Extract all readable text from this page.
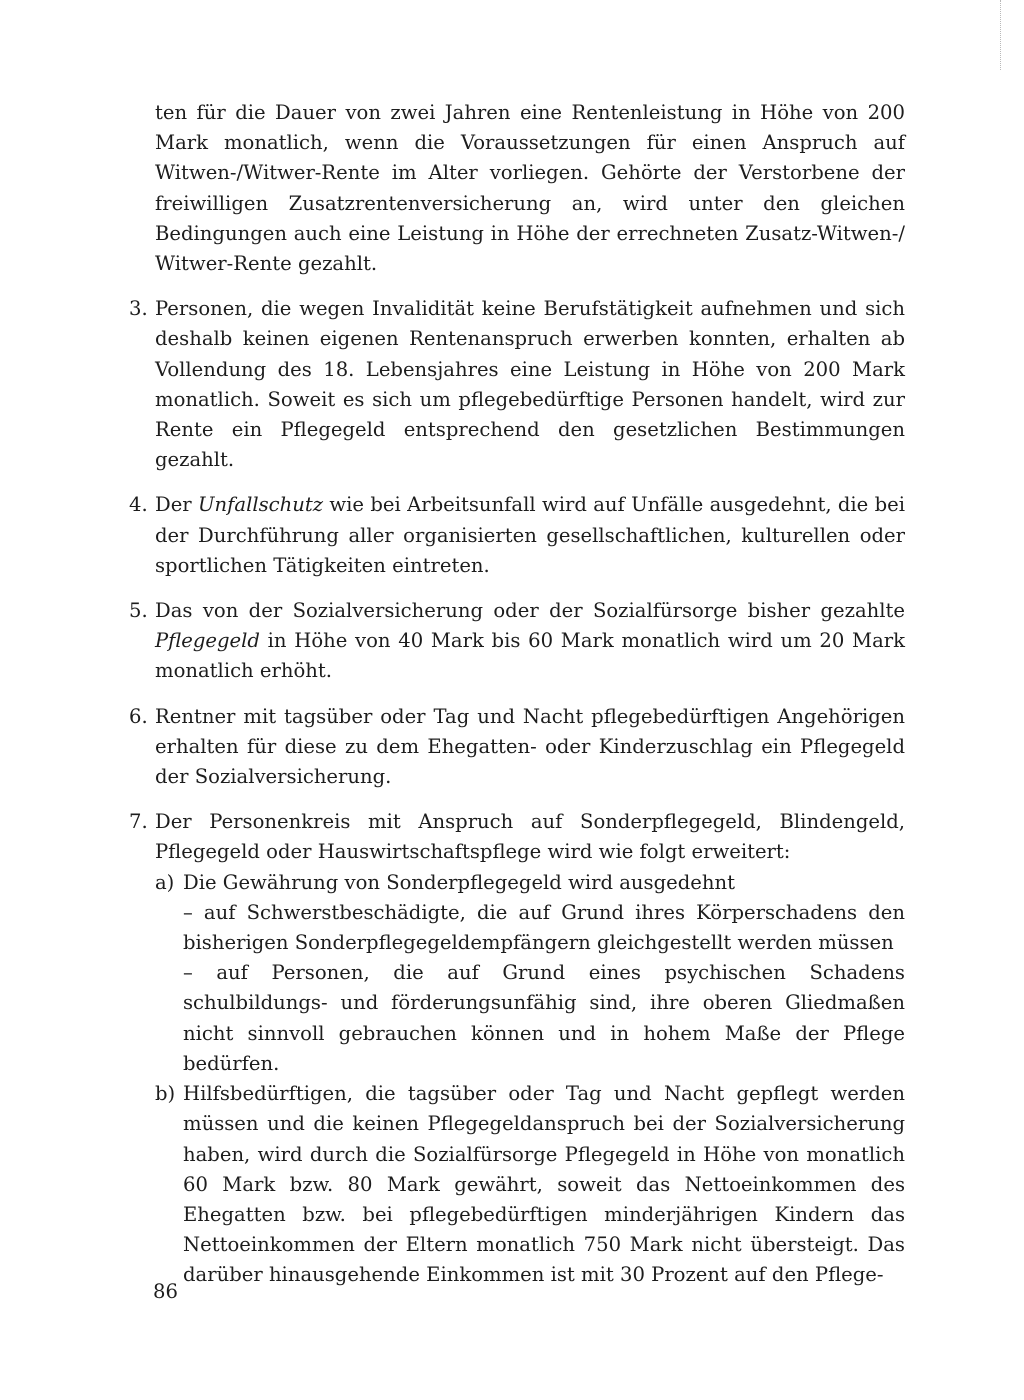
ten für die Dauer von zwei Jahren eine Rentenleistung in Höhe von 200 Mark monatlich, wenn die Voraussetzungen für einen Anspruch auf Witwen-/Witwer-Rente im Alter vorliegen. Gehörte der Verstorbene der freiwilligen Zusatzrentenversicherung an, wird unter den gleichen Bedingungen auch eine Leistung in Höhe der errechneten Zusatz-Witwen-/ Witwer-Rente gezahlt.

3. Personen, die wegen Invalidität keine Berufstätigkeit aufnehmen und sich deshalb keinen eigenen Rentenanspruch erwerben konnten, erhalten ab Vollendung des 18. Lebensjahres eine Leistung in Höhe von 200 Mark monatlich. Soweit es sich um pflegebedürftige Personen handelt, wird zur Rente ein Pflegegeld entsprechend den gesetzlichen Bestimmungen gezahlt.
4. Der Unfallschutz wie bei Arbeitsunfall wird auf Unfälle ausgedehnt, die bei der Durchführung aller organisierten gesellschaftlichen, kulturellen oder sportlichen Tätigkeiten eintreten.
5. Das von der Sozialversicherung oder der Sozialfürsorge bisher gezahlte Pflegegeld in Höhe von 40 Mark bis 60 Mark monatlich wird um 20 Mark monatlich erhöht.
6. Rentner mit tagsüber oder Tag und Nacht pflegebedürftigen Angehörigen erhalten für diese zu dem Ehegatten- oder Kinderzuschlag ein Pflegegeld der Sozialversicherung.
7. Der Personenkreis mit Anspruch auf Sonderpflegegeld, Blindengeld, Pflegegeld oder Hauswirtschaftspflege wird wie folgt erweitert:
a) Die Gewährung von Sonderpflegegeld wird ausgedehnt
– auf Schwerstbeschädigte, die auf Grund ihres Körperschadens den bisherigen Sonderpflegegeldempfängern gleichgestellt werden müssen
– auf Personen, die auf Grund eines psychischen Schadens schulbildungs- und förderungsunfähig sind, ihre oberen Gliedmaßen nicht sinnvoll gebrauchen können und in hohem Maße der Pflege bedürfen.
b) Hilfsbedürftigen, die tagsüber oder Tag und Nacht gepflegt werden müssen und die keinen Pflegegeldanspruch bei der Sozialversicherung haben, wird durch die Sozialfürsorge Pflegegeld in Höhe von monatlich 60 Mark bzw. 80 Mark gewährt, soweit das Nettoeinkommen des Ehegatten bzw. bei pflegebedürftigen minderjährigen Kindern das Nettoeinkommen der Eltern monatlich 750 Mark nicht übersteigt. Das darüber hinausgehende Einkommen ist mit 30 Prozent auf den Pflege-
86
